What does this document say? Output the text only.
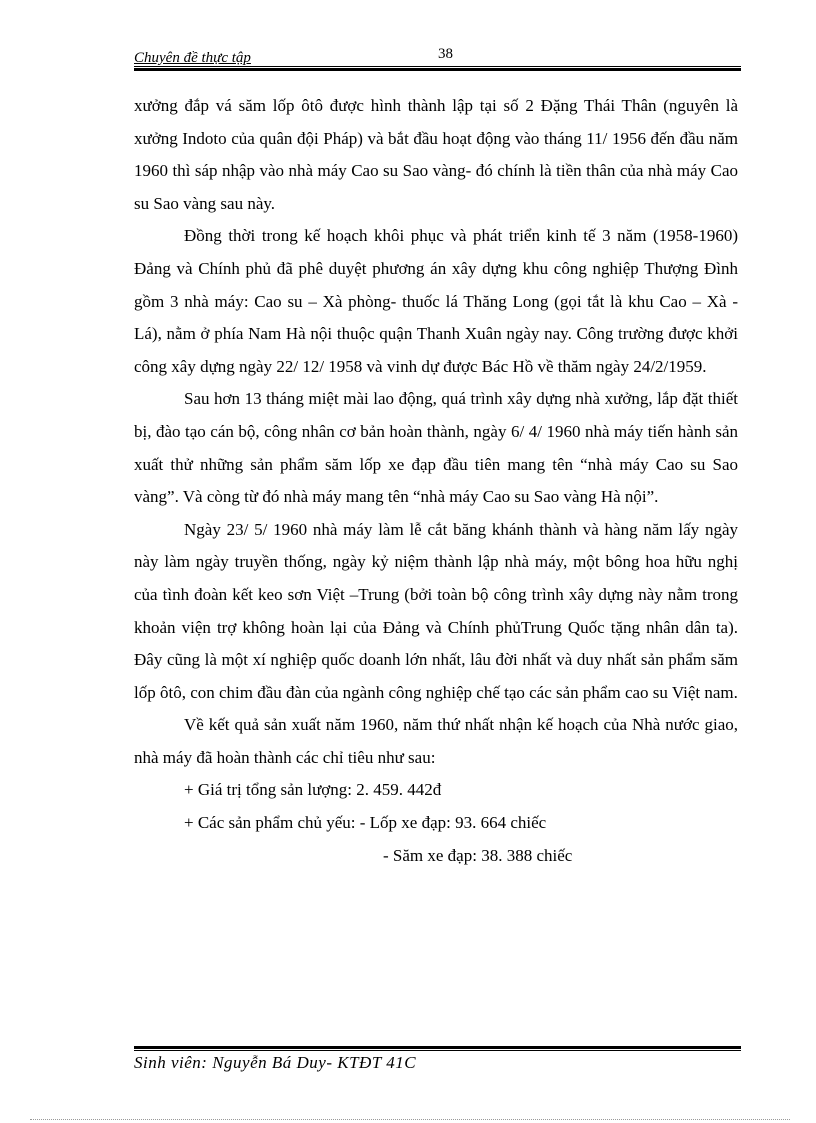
Chuyên đề thực tập	38

xưởng đắp vá săm lốp ôtô được hình thành lập tại số 2 Đặng Thái Thân (nguyên là xưởng Indoto của quân đội Pháp) và bắt đầu hoạt động vào tháng 11/ 1956 đến đầu năm 1960 thì sáp nhập vào nhà máy Cao su Sao vàng- đó chính là tiền thân của nhà máy Cao su Sao vàng sau này.

Đồng thời trong kế hoạch khôi phục và phát triển kinh tế 3 năm (1958-1960) Đảng và Chính phủ đã phê duyệt phương án xây dựng khu công nghiệp Thượng Đình gồm 3 nhà máy: Cao su – Xà phòng- thuốc lá Thăng Long (gọi tắt là khu Cao – Xà - Lá), nằm ở phía Nam Hà nội thuộc quận Thanh Xuân ngày nay. Công trường được khởi công xây dựng ngày 22/ 12/ 1958 và vinh dự được Bác Hồ về thăm ngày 24/2/1959.

Sau hơn 13 tháng miệt mài lao động, quá trình xây dựng nhà xưởng, lắp đặt thiết bị, đào tạo cán bộ, công nhân cơ bản hoàn thành, ngày 6/ 4/ 1960 nhà máy tiến hành sản xuất thử những sản phẩm săm lốp xe đạp đầu tiên mang tên “nhà máy Cao su Sao vàng”. Và còng từ đó nhà máy mang tên “nhà máy Cao su Sao vàng Hà nội”.

Ngày 23/ 5/ 1960 nhà máy làm lễ cắt băng khánh thành và hàng năm lấy ngày này làm ngày truyền thống, ngày kỷ niệm thành lập nhà máy, một bông hoa hữu nghị của tình đoàn kết keo sơn Việt –Trung (bởi toàn bộ công trình xây dựng này nằm trong khoản viện trợ không hoàn lại của Đảng và Chính phủTrung Quốc tặng nhân dân ta). Đây cũng là một xí nghiệp quốc doanh lớn nhất, lâu đời nhất và duy nhất sản phẩm săm lốp ôtô, con chim đầu đàn của ngành công nghiệp chế tạo các sản phẩm cao su Việt nam.

Về kết quả sản xuất năm 1960, năm thứ nhất nhận kế hoạch của Nhà nước giao, nhà máy đã hoàn thành các chỉ tiêu như sau:

+ Giá trị tổng sản lượng: 2. 459. 442đ

+ Các sản phẩm chủ yếu: - Lốp xe đạp: 93. 664 chiếc

- Săm xe đạp: 38. 388 chiếc

Sinh viên: Nguyễn Bá Duy- KTĐT 41C
